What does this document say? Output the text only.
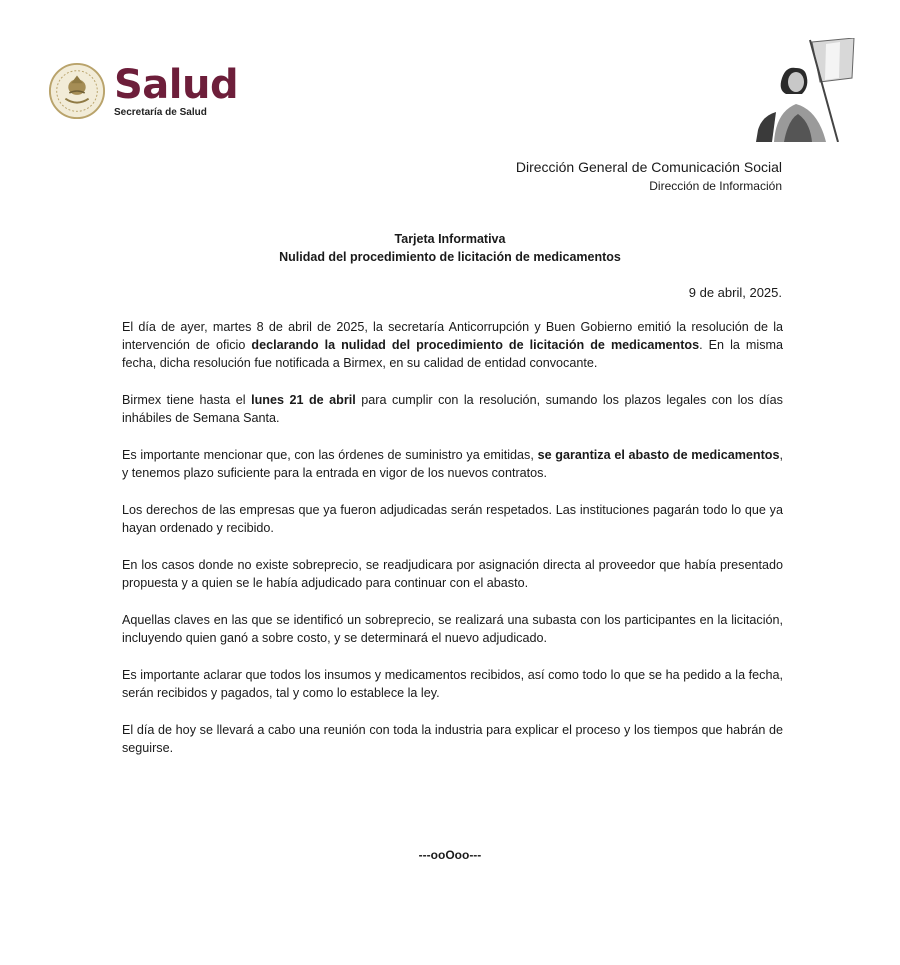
Salud
Secretaría de Salud
Dirección General de Comunicación Social
Dirección de Información
Tarjeta Informativa
Nulidad del procedimiento de licitación de medicamentos
9 de abril, 2025.

El día de ayer, martes 8 de abril de 2025, la secretaría Anticorrupción y Buen Gobierno emitió la resolución de la intervención de oficio declarando la nulidad del procedimiento de licitación de medicamentos. En la misma fecha, dicha resolución fue notificada a Birmex, en su calidad de entidad convocante.

Birmex tiene hasta el lunes 21 de abril para cumplir con la resolución, sumando los plazos legales con los días inhábiles de Semana Santa.

Es importante mencionar que, con las órdenes de suministro ya emitidas, se garantiza el abasto de medicamentos, y tenemos plazo suficiente para la entrada en vigor de los nuevos contratos.

Los derechos de las empresas que ya fueron adjudicadas serán respetados. Las instituciones pagarán todo lo que ya hayan ordenado y recibido.

En los casos donde no existe sobreprecio, se readjudicara por asignación directa al proveedor que había presentado propuesta y a quien se le había adjudicado para continuar con el abasto.

Aquellas claves en las que se identificó un sobreprecio, se realizará una subasta con los participantes en la licitación, incluyendo quien ganó a sobre costo, y se determinará el nuevo adjudicado.

Es importante aclarar que todos los insumos y medicamentos recibidos, así como todo lo que se ha pedido a la fecha, serán recibidos y pagados, tal y como lo establece la ley.

El día de hoy se llevará a cabo una reunión con toda la industria para explicar el proceso y los tiempos que habrán de seguirse.

---ooOoo---
